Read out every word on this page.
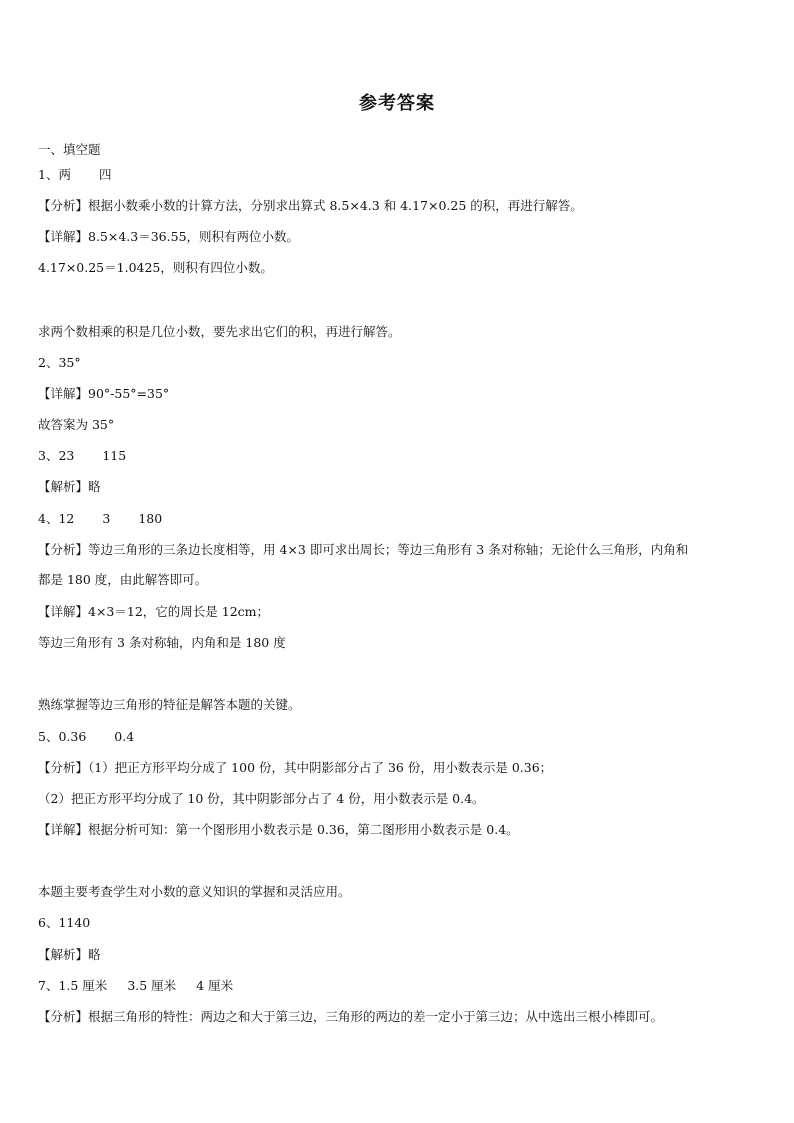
参考答案
一、填空题
1、两 四
【分析】根据小数乘小数的计算方法，分别求出算式 8.5×4.3 和 4.17×0.25 的积，再进行解答。
【详解】8.5×4.3＝36.55，则积有两位小数。
4.17×0.25＝1.0425，则积有四位小数。
求两个数相乘的积是几位小数，要先求出它们的积，再进行解答。
2、35°
【详解】90°-55°=35°
故答案为 35°
3、23 115
【解析】略
4、12 3 180
【分析】等边三角形的三条边长度相等，用 4×3 即可求出周长；等边三角形有 3 条对称轴；无论什么三角形，内角和
都是 180 度，由此解答即可。
【详解】4×3＝12，它的周长是 12cm；
等边三角形有 3 条对称轴，内角和是 180 度
熟练掌握等边三角形的特征是解答本题的关键。
5、0.36 0.4
【分析】（1）把正方形平均分成了 100 份，其中阴影部分占了 36 份，用小数表示是 0.36；
（2）把正方形平均分成了 10 份，其中阴影部分占了 4 份，用小数表示是 0.4。
【详解】根据分析可知：第一个图形用小数表示是 0.36，第二图形用小数表示是 0.4。
本题主要考查学生对小数的意义知识的掌握和灵活应用。
6、1140
【解析】略
7、1.5 厘米 3.5 厘米 4 厘米
【分析】根据三角形的特性：两边之和大于第三边，三角形的两边的差一定小于第三边；从中选出三根小棒即可。
